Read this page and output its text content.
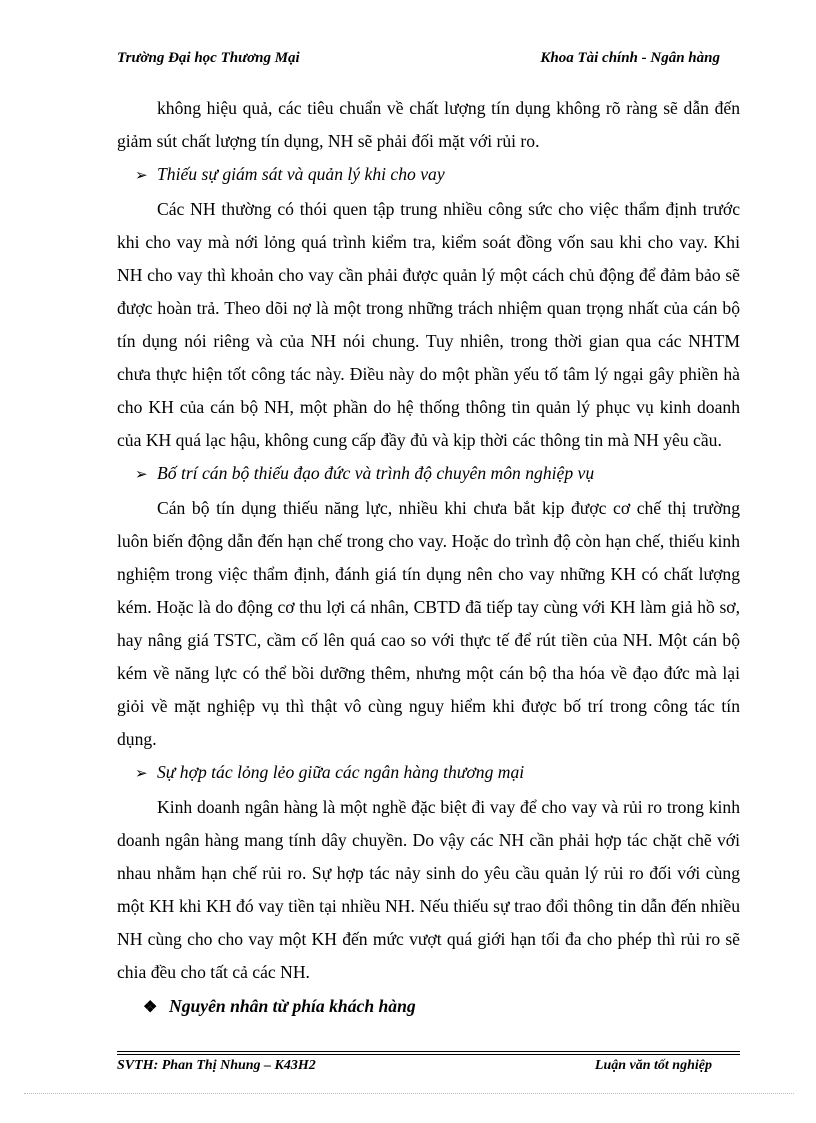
Trường Đại học Thương Mại	Khoa Tài chính - Ngân hàng

không hiệu quả, các tiêu chuẩn về chất lượng tín dụng không rõ ràng sẽ dẫn đến giảm sút chất lượng tín dụng, NH sẽ phải đối mặt với rủi ro.

➢ Thiếu sự giám sát và quản lý khi cho vay

Các NH thường có thói quen tập trung nhiều công sức cho việc thẩm định trước khi cho vay mà nới lỏng quá trình kiểm tra, kiểm soát đồng vốn sau khi cho vay. Khi NH cho vay thì khoản cho vay cần phải được quản lý một cách chủ động để đảm bảo sẽ được hoàn trả. Theo dõi nợ là một trong những trách nhiệm quan trọng nhất của cán bộ tín dụng nói riêng và của NH nói chung. Tuy nhiên, trong thời gian qua các NHTM chưa thực hiện tốt công tác này. Điều này do một phần yếu tố tâm lý ngại gây phiền hà cho KH của cán bộ NH, một phần do hệ thống thông tin quản lý phục vụ kinh doanh của KH quá lạc hậu, không cung cấp đầy đủ và kịp thời các thông tin mà NH yêu cầu.

➢ Bố trí cán bộ thiếu đạo đức và trình độ chuyên môn nghiệp vụ

Cán bộ tín dụng thiếu năng lực, nhiều khi chưa bắt kịp được cơ chế thị trường luôn biến động dẫn đến hạn chế trong cho vay. Hoặc do trình độ còn hạn chế, thiếu kinh nghiệm trong việc thẩm định, đánh giá tín dụng nên cho vay những KH có chất lượng kém. Hoặc là do động cơ thu lợi cá nhân, CBTD đã tiếp tay cùng với KH làm giả hồ sơ, hay nâng giá TSTC, cầm cố lên quá cao so với thực tế để rút tiền của NH. Một cán bộ kém về năng lực có thể bồi dưỡng thêm, nhưng một cán bộ tha hóa về đạo đức mà lại giỏi về mặt nghiệp vụ thì thật vô cùng nguy hiểm khi được bố trí trong công tác tín dụng.

➢ Sự hợp tác lỏng lẻo giữa các ngân hàng thương mại

Kinh doanh ngân hàng là một nghề đặc biệt đi vay để cho vay và rủi ro trong kinh doanh ngân hàng mang tính dây chuyền. Do vậy các NH cần phải hợp tác chặt chẽ với nhau nhằm hạn chế rủi ro. Sự hợp tác nảy sinh do yêu cầu quản lý rủi ro đối với cùng một KH khi KH đó vay tiền tại nhiều NH. Nếu thiếu sự trao đổi thông tin dẫn đến nhiều NH cùng cho cho vay một KH đến mức vượt quá giới hạn tối đa cho phép thì rủi ro sẽ chia đều cho tất cả các NH.

❖ Nguyên nhân từ phía khách hàng

SVTH: Phan Thị Nhung – K43H2	Luận văn tốt nghiệp
